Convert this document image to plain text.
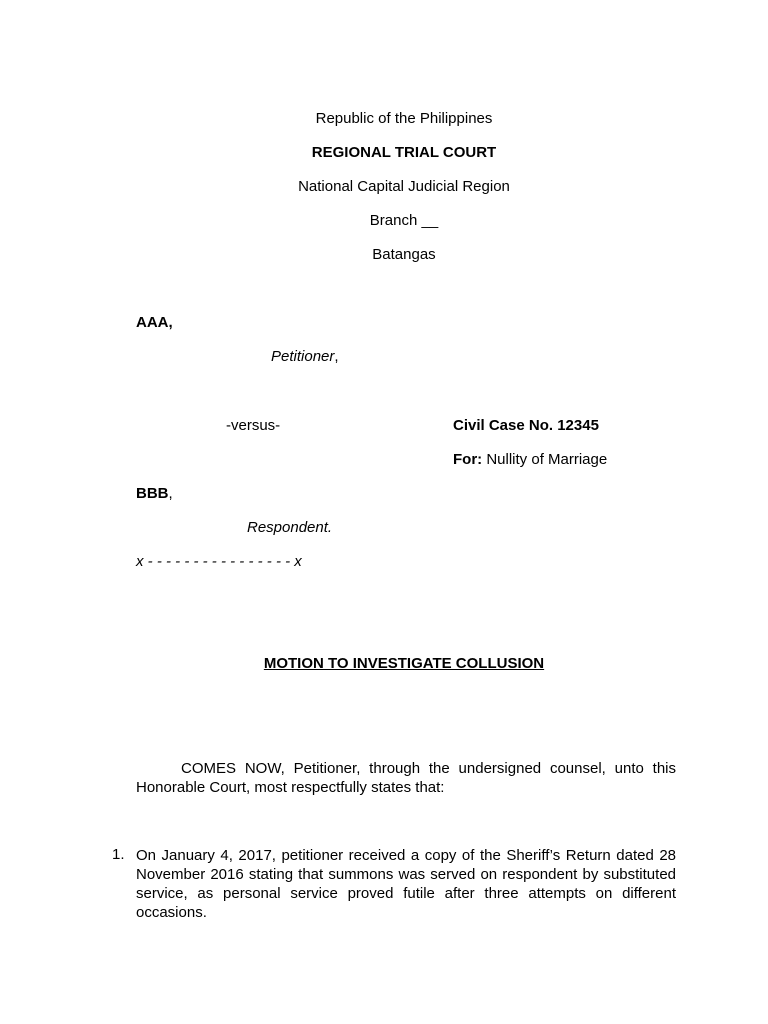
Republic of the Philippines
REGIONAL TRIAL COURT
National Capital Judicial Region
Branch __
Batangas
AAA,
Petitioner,
-versus-	Civil Case No. 12345
For: Nullity of Marriage
BBB,
Respondent.
x - - - - - - - - - - - - - - - - x
MOTION TO INVESTIGATE COLLUSION
COMES NOW, Petitioner, through the undersigned counsel, unto this Honorable Court, most respectfully states that:
1. On January 4, 2017, petitioner received a copy of the Sheriff’s Return dated 28 November 2016 stating that summons was served on respondent by substituted service, as personal service proved futile after three attempts on different occasions.
